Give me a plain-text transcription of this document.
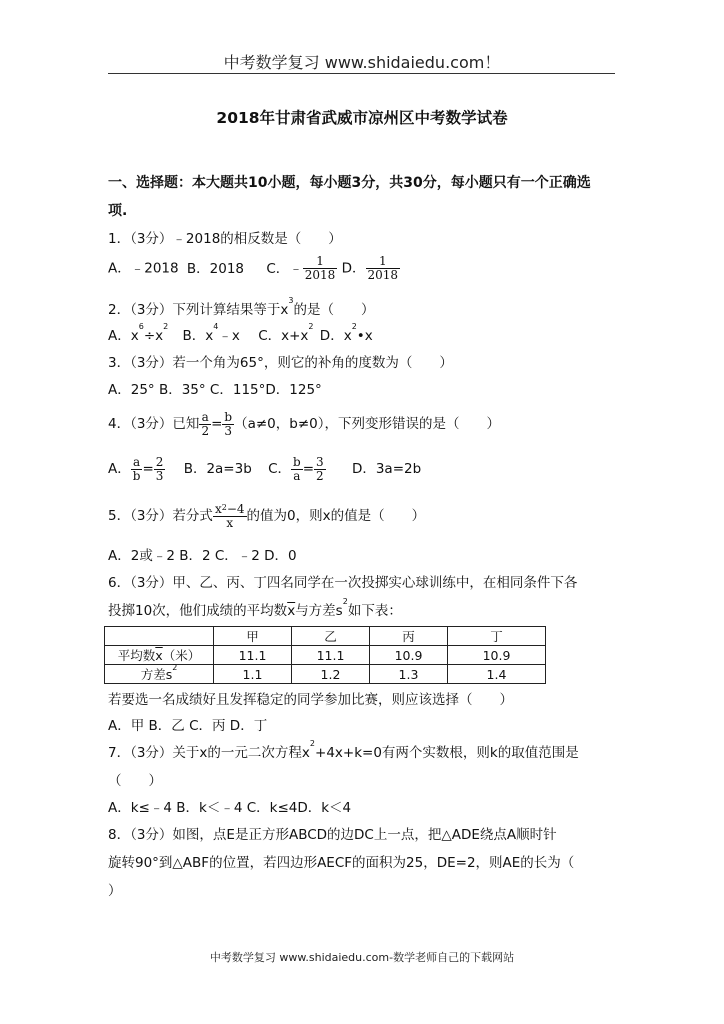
中考数学复习 www.shidaiedu.com！
2018年甘肃省武威市凉州区中考数学试卷
一、选择题：本大题共10小题，每小题3分，共30分，每小题只有一个正确选
项.
1．（3分）﹣2018的相反数是（　　）
A．﹣2018 B．2018 C．﹣ $\frac{1}{2018}$ D． $\frac{1}{2018}$
2．（3分）下列计算结果等于$x^3$的是（　　）
A．$x^6\div x^2$ B．$x^4﹣x$ C．$x+x^2$ D．$x^2•x$
3．（3分）若一个角为65°，则它的补角的度数为（　　）
A．25° B．35° C．115°D．125°
4．（3分）已知 $\frac{a}{2} = \frac{b}{3} (a\ne 0$，b≠0），下列变形错误的是（　　）
A． $\frac{a}{b} = \frac{2}{3}$ B．2a=3b C． $\frac{b}{a} = \frac{3}{2}$ D．3a=2b
5．（3分）若分式 $\frac{x^2-4}{x}$ 的值为0，则x的值是（　　）
A．2或﹣2 B．2 C．﹣2 D．0
6．（3分）甲、乙、丙、丁四名同学在一次投掷实心球训练中，在相同条件下各
投掷10次，他们成绩的平均数$\overline{x}$与方差$s^2$如下表：
	甲	乙	丙	丁
平均数$\overline{x}$（米）	11.1	11.1	10.9	10.9
方差$s^2$	1.1	1.2	1.3	1.4
若要选一名成绩好且发挥稳定的同学参加比赛，则应该选择（　　）
A．甲 B．乙 C．丙 D．丁
7．（3分）关于x的一元二次方程$x^2+4x+k=0$有两个实数根，则k的取值范围是
（　　）
A．k≤﹣4 B．k＜﹣4 C．k≤4D．k＜4
8．（3分）如图，点E是正方形ABCD的边DC上一点，把△ADE绕点A顺时针
旋转90°到△ABF的位置，若四边形AECF的面积为25，DE=2，则AE的长为（
）
中考数学复习 www.shidaiedu.com-数学老师自己的下载网站
